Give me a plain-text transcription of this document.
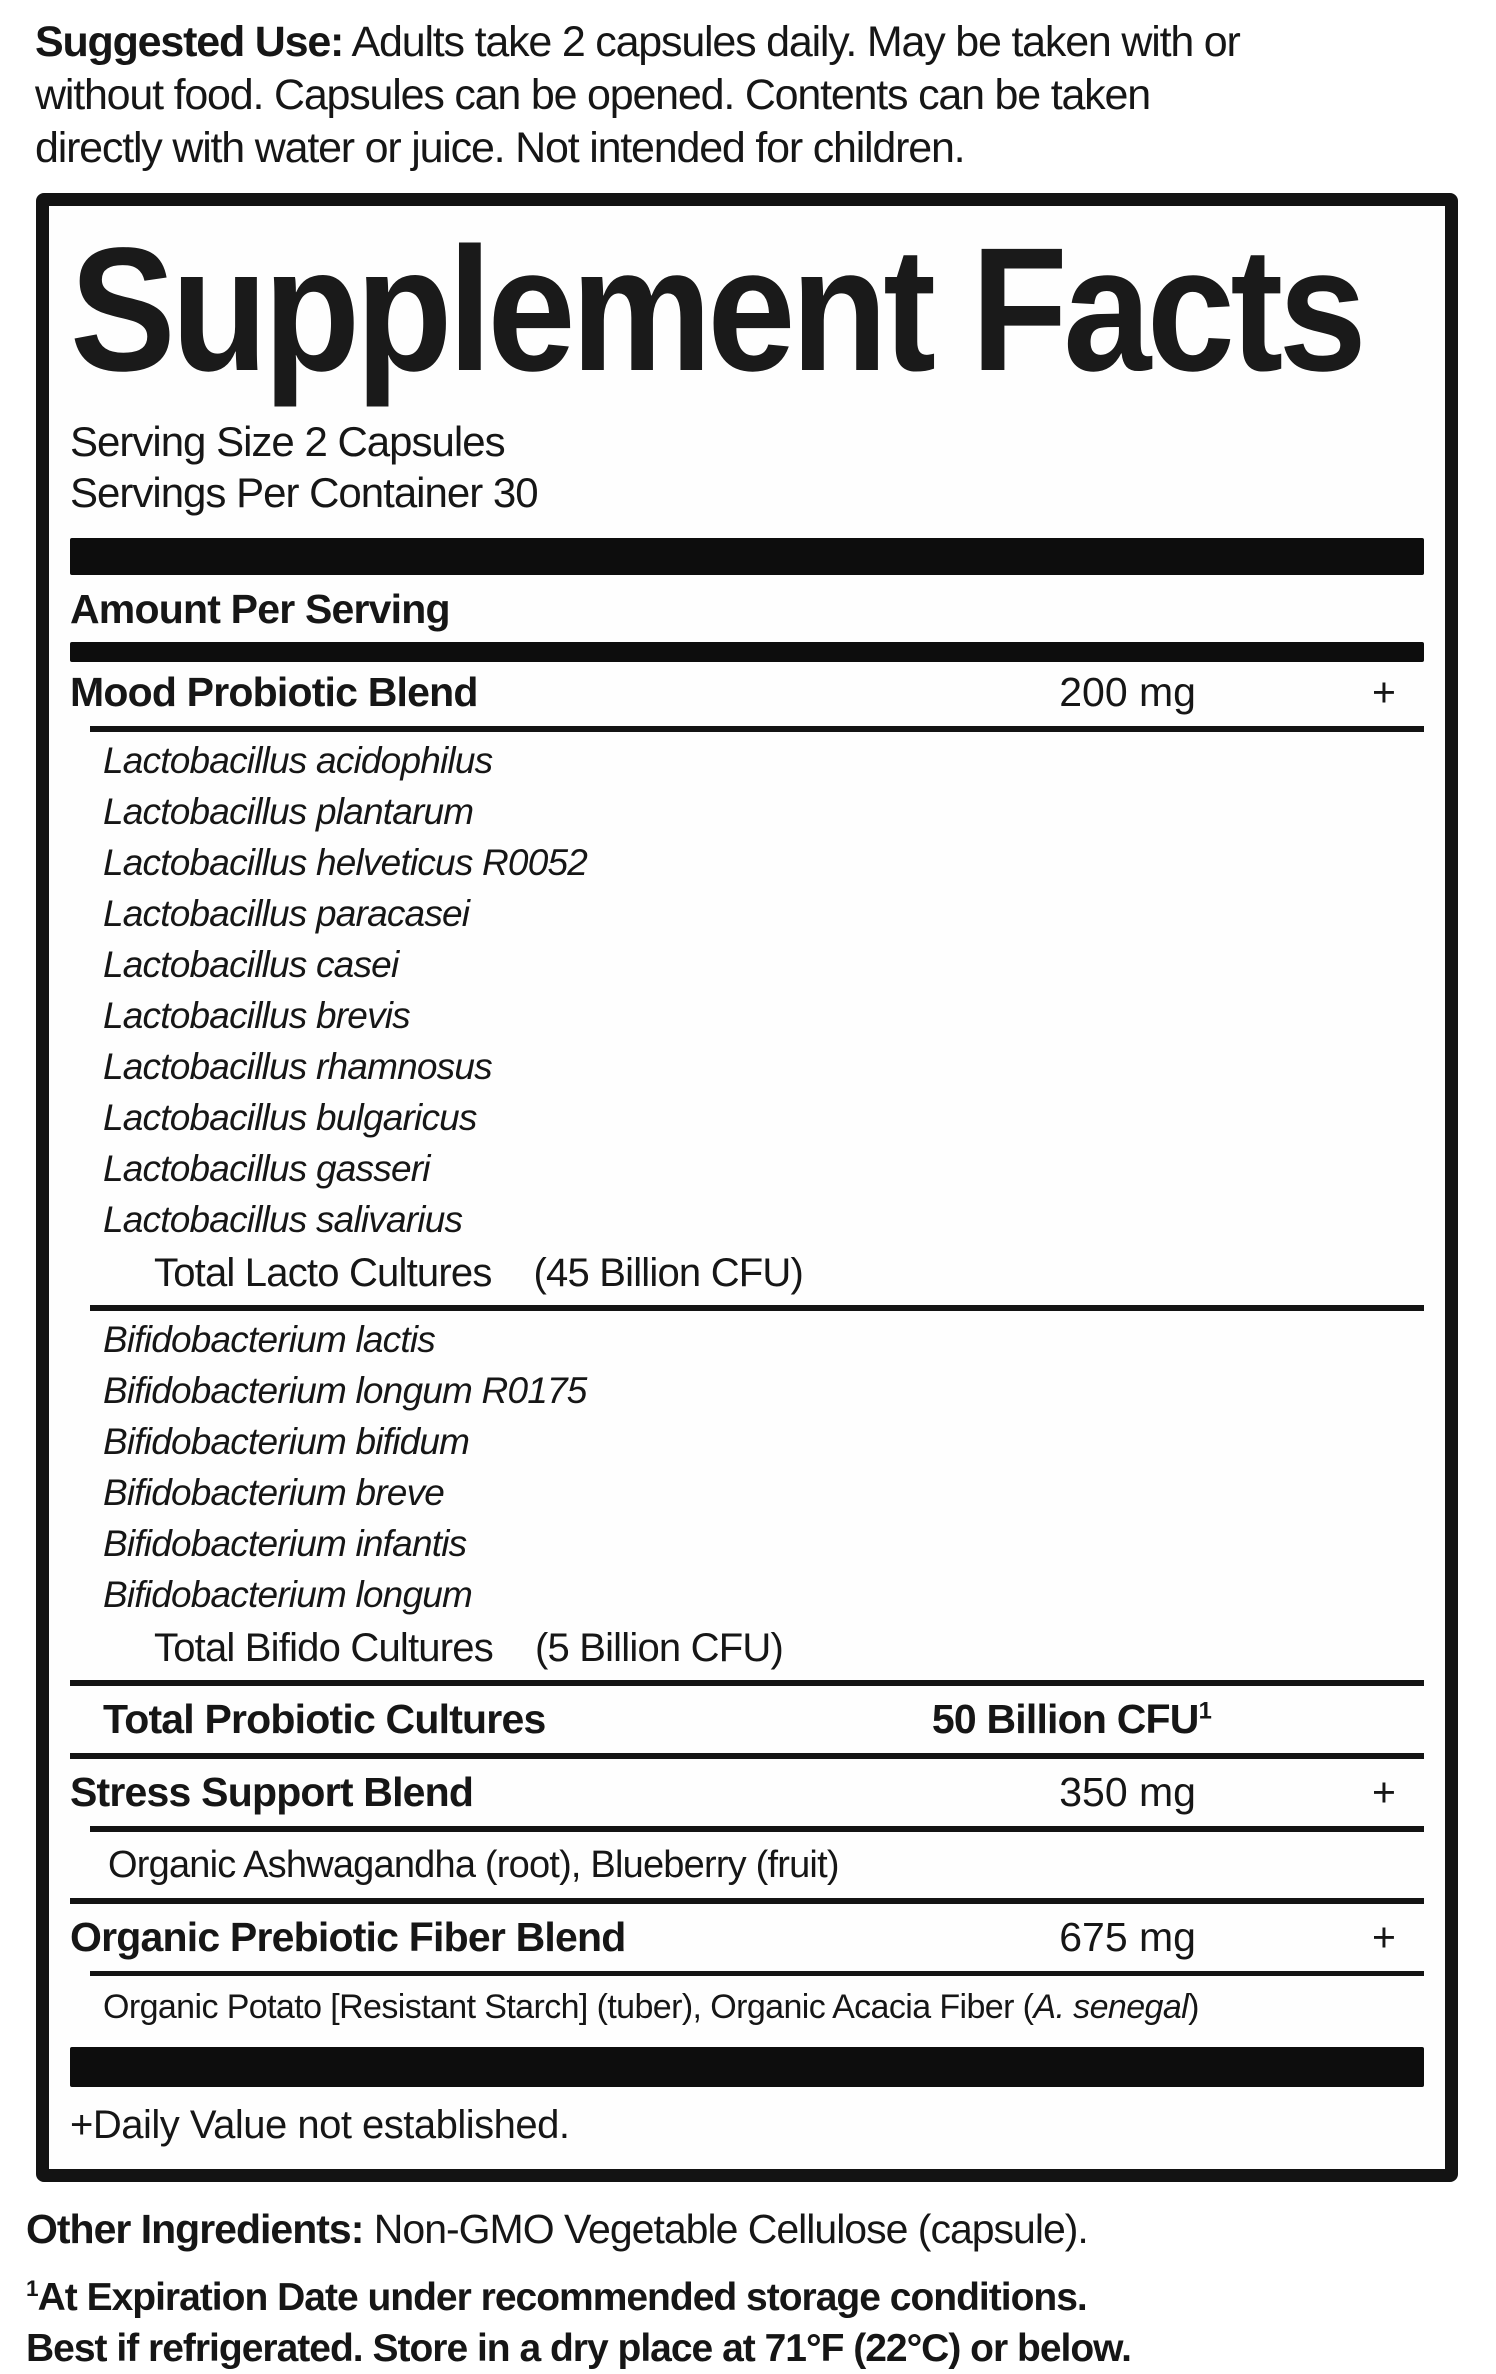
Suggested Use: Adults take 2 capsules daily. May be taken with or
without food. Capsules can be opened. Contents can be taken
directly with water or juice. Not intended for children.
Supplement Facts
Serving Size 2 Capsules
Servings Per Container 30
Amount Per Serving
Mood Probiotic Blend	200 mg	+
Lactobacillus acidophilus
Lactobacillus plantarum
Lactobacillus helveticus R0052
Lactobacillus paracasei
Lactobacillus casei
Lactobacillus brevis
Lactobacillus rhamnosus
Lactobacillus bulgaricus
Lactobacillus gasseri
Lactobacillus salivarius
Total Lacto Cultures (45 Billion CFU)
Bifidobacterium lactis
Bifidobacterium longum R0175
Bifidobacterium bifidum
Bifidobacterium breve
Bifidobacterium infantis
Bifidobacterium longum
Total Bifido Cultures (5 Billion CFU)
Total Probiotic Cultures	50 Billion CFU$^1$
Stress Support Blend	350 mg	+
Organic Ashwagandha (root), Blueberry (fruit)
Organic Prebiotic Fiber Blend	675 mg	+
Organic Potato [Resistant Starch] (tuber), Organic Acacia Fiber (A. senegal)
+Daily Value not established.
Other Ingredients: Non-GMO Vegetable Cellulose (capsule).
$^1$At Expiration Date under recommended storage conditions.
Best if refrigerated. Store in a dry place at 71°F (22°C) or below.
